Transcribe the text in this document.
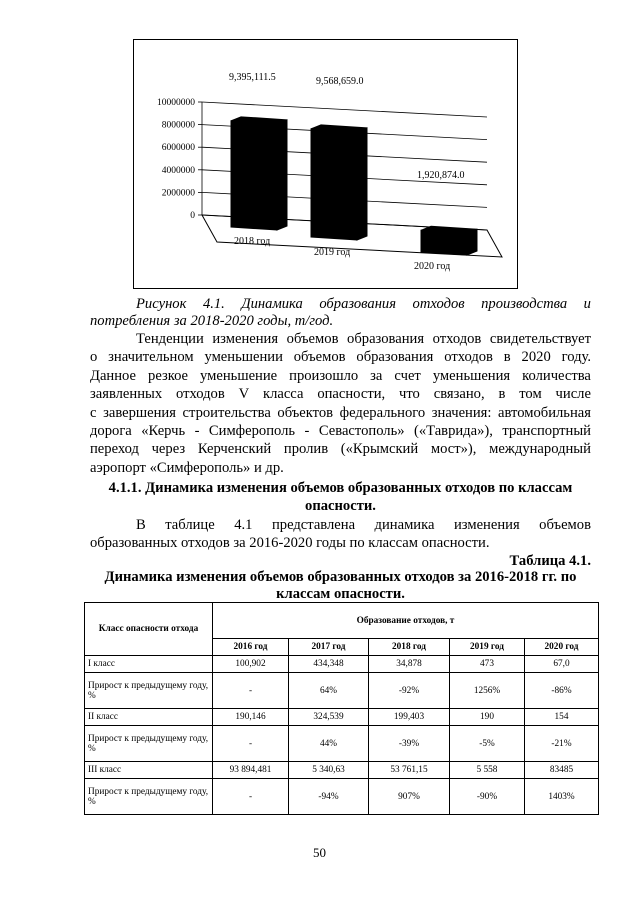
0
2000000
4000000
6000000
8000000
10000000
9,395,111.5
2018 год
9,568,659.0
2019 год
1,920,874.0
2020 год
Рисунок 4.1. Динамика образования отходов производства и
потребления за 2018-2020 годы, т/год.
Тенденции изменения объемов образования отходов свидетельствует
о значительном уменьшении объемов образования отходов в 2020 году.
Данное резкое уменьшение произошло за счет уменьшения количества
заявленных отходов V класса опасности, что связано, в том числе
с завершения строительства объектов федерального значения: автомобильная
дорога «Керчь - Симферополь - Севастополь» («Таврида»), транспортный
переход через Керченский пролив («Крымский мост»), международный
аэропорт «Симферополь» и др.
4.1.1. Динамика изменения объемов образованных отходов по классам
опасности.
В таблице 4.1 представлена динамика изменения объемов
образованных отходов за 2016-2020 годы по классам опасности.
Таблица 4.1.
Динамика изменения объемов образованных отходов за 2016-2018 гг. по
классам опасности.
Класс опасности отхода	Образование отходов, т				
	2016 год	2017 год	2018 год	2019 год	2020 год
I класс	100,902	434,348	34,878	473	67,0
Прирост к предыдущему году, %	-	64%	-92%	1256%	-86%
II класс	190,146	324,539	199,403	190	154
Прирост к предыдущему году, %	-	44%	-39%	-5%	-21%
III класс	93 894,481	5 340,63	53 761,15	5 558	83485
Прирост к предыдущему году, %	-	-94%	907%	-90%	1403%
50
